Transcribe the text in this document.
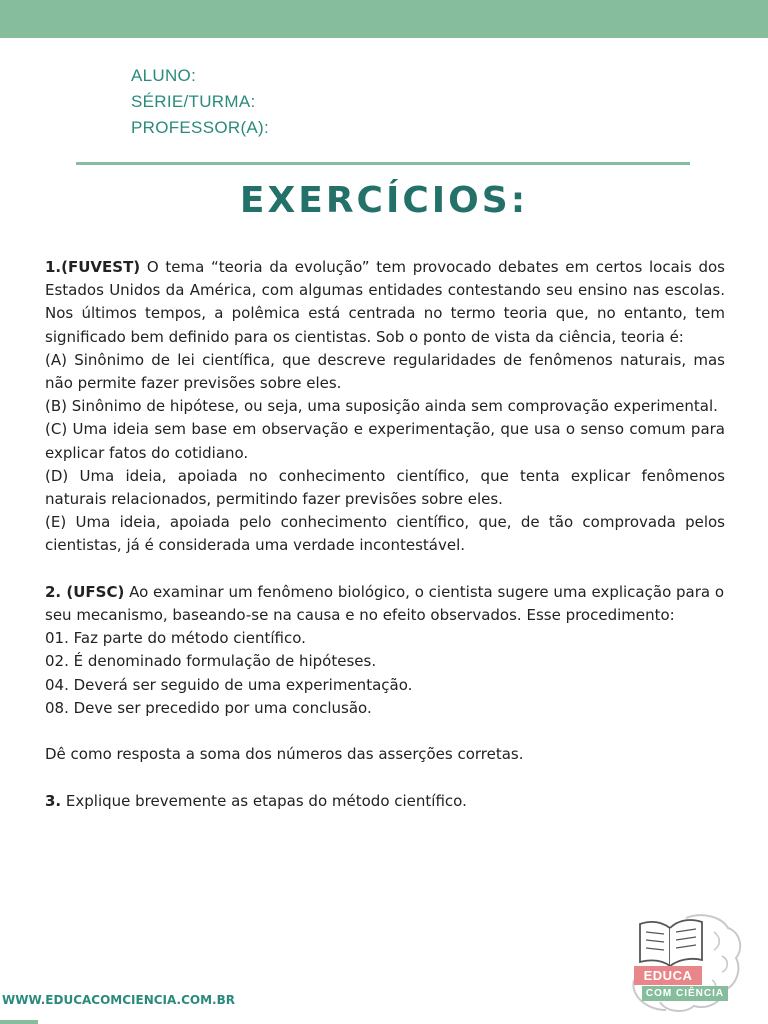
ALUNO:
SÉRIE/TURMA:
PROFESSOR(A):
EXERCÍCIOS:

1.(FUVEST) O tema “teoria da evolução” tem provocado debates em certos locais dos Estados Unidos da América, com algumas entidades contestando seu ensino nas escolas. Nos últimos tempos, a polêmica está centrada no termo teoria que, no entanto, tem significado bem definido para os cientistas. Sob o ponto de vista da ciência, teoria é:

(A) Sinônimo de lei científica, que descreve regularidades de fenômenos naturais, mas não permite fazer previsões sobre eles.

(B) Sinônimo de hipótese, ou seja, uma suposição ainda sem comprovação experimental.

(C) Uma ideia sem base em observação e experimentação, que usa o senso comum para explicar fatos do cotidiano.

(D) Uma ideia, apoiada no conhecimento científico, que tenta explicar fenômenos naturais relacionados, permitindo fazer previsões sobre eles.

(E) Uma ideia, apoiada pelo conhecimento científico, que, de tão comprovada pelos cientistas, já é considerada uma verdade incontestável.

2. (UFSC) Ao examinar um fenômeno biológico, o cientista sugere uma explicação para o seu mecanismo, baseando-se na causa e no efeito observados. Esse procedimento:

01. Faz parte do método científico.

02. É denominado formulação de hipóteses.

04. Deverá ser seguido de uma experimentação.

08. Deve ser precedido por uma conclusão.

Dê como resposta a soma dos números das asserções corretas.

3. Explique brevemente as etapas do método científico.

WWW.EDUCACOMCIENCIA.COM.BR
EDUCA
COM CIÊNCIA
